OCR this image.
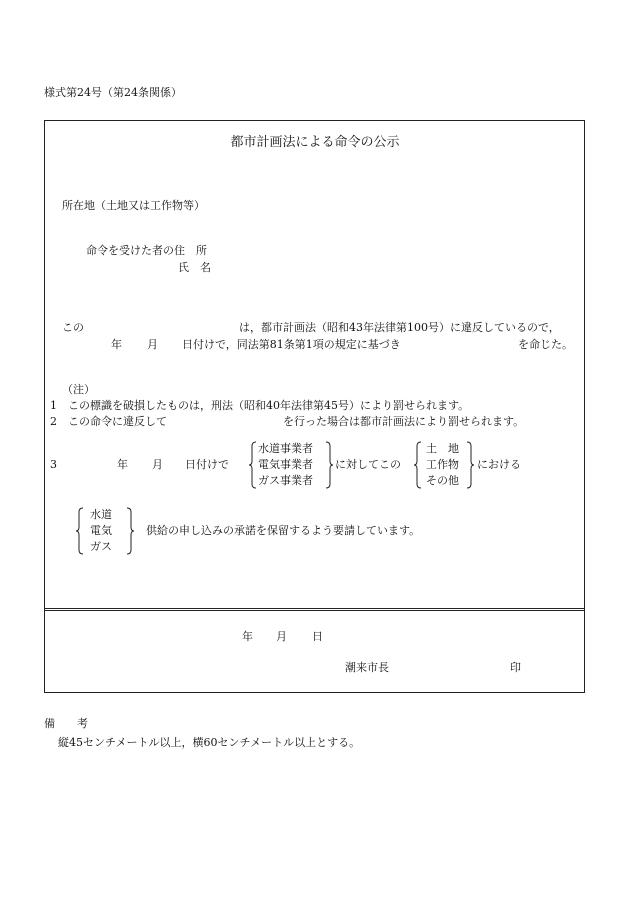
様式第24号（第24条関係）
都市計画法による命令の公示
所在地（土地又は工作物等）
命令を受けた者の住　所
氏　名
この	は，都市計画法（昭和43年法律第100号）に違反しているので，
年 月 日付けで，同法第81条第1項の規定に基づき	を命じた。
（注）
1 この標識を破損したものは，刑法（昭和40年法律第45号）により罰せられます。
2 この命令に違反して	を行った場合は都市計画法により罰せられます。
3	年 月 日付けで
水道事業者
電気事業者
ガス事業者
に対してこの
土　地
工作物
その他
における
水道
電気
ガス
供給の申し込みの承諾を保留するよう要請しています。
年 月 日
潮来市長	印
備　　考
縦45センチメートル以上，横60センチメートル以上とする。
